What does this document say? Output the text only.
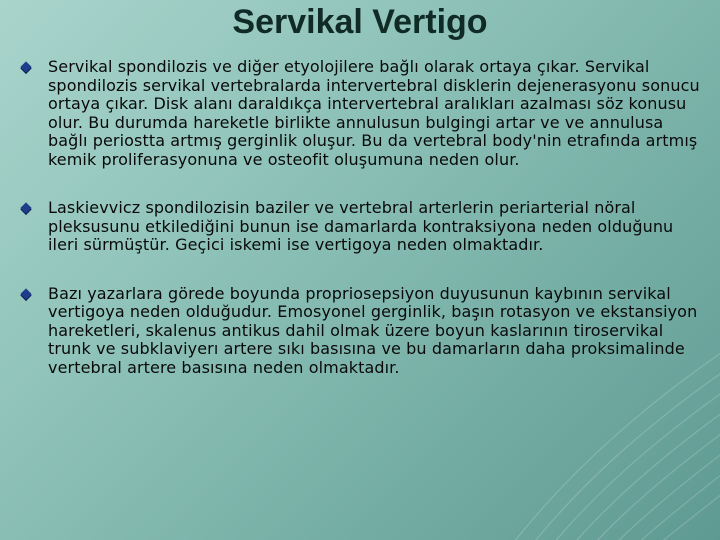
Servikal Vertigo
Servikal spondilozis ve diğer etyolojilere bağlı olarak ortaya çıkar. Servikal spondilozis servikal vertebralarda intervertebral disklerin dejenerasyonu sonucu ortaya çıkar. Disk alanı daraldıkça intervertebral aralıkları azalması söz konusu olur. Bu durumda hareketle birlikte annulusun bulgingi artar ve ve annulusa bağlı periostta artmış gerginlik oluşur. Bu da vertebral body'nin etrafında artmış kemik proliferasyonuna ve osteofit oluşumuna neden olur.
Laskievvicz spondilozisin baziler ve vertebral arterlerin periarterial nöral pleksusunu etkilediğini bunun ise damarlarda kontraksiyona neden olduğunu ileri sürmüştür. Geçici iskemi ise vertigoya neden olmaktadır.
Bazı yazarlara görede boyunda propriosepsiyon duyusunun kaybının servikal vertigoya neden olduğudur. Emosyonel gerginlik, başın rotasyon ve ekstansiyon hareketleri, skalenus antikus dahil olmak üzere boyun kaslarının tiroservikal trunk ve subklaviyerı artere sıkı basısına ve bu damarların daha proksimalinde vertebral artere basısına neden olmaktadır.
